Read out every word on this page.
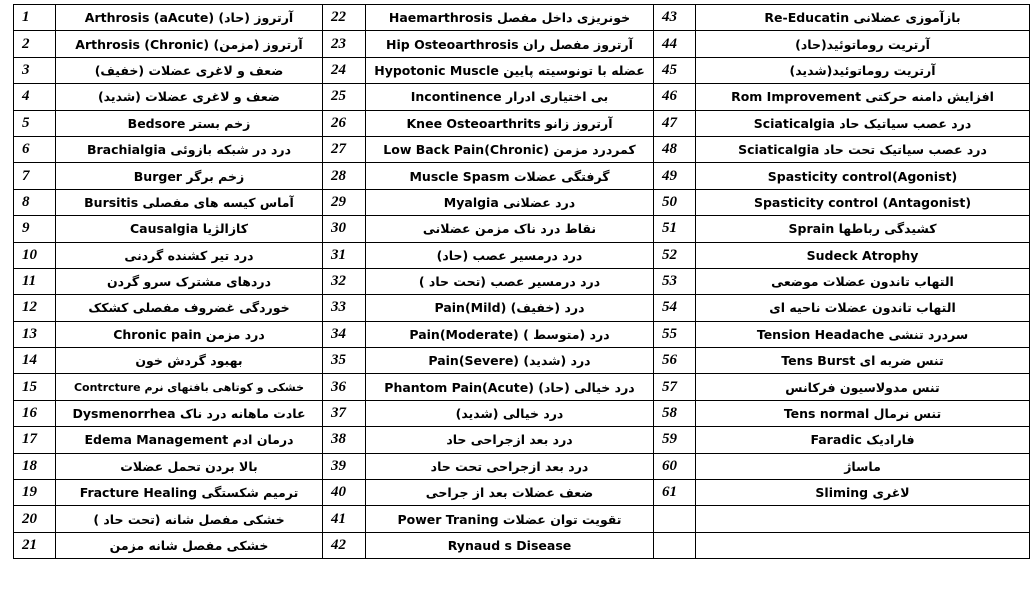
1	آرتروز (حاد) Arthrosis (aAcute)	22	خونریزی داخل مفصل Haemarthrosis	43	بازآموزی عضلانی Re-Educatin
2	آرتروز (مزمن) Arthrosis (Chronic)	23	آرتروز مفصل ران Hip Osteoarthrosis	44	آرتریت روماتوئید(حاد)
3	ضعف و لاغری عضلات (خفیف)	24	عضله با تونوسیته پایین Hypotonic Muscle	45	آرتریت روماتوئید(شدید)
4	ضعف و لاغری عضلات (شدید)	25	بی اختیاری ادرار Incontinence	46	افزایش دامنه حرکتی Rom Improvement
5	زخم بستر Bedsore	26	آرتروز زانو Knee Osteoarthrits	47	درد عصب سیاتیک حاد Sciaticalgia
6	درد در شبکه بازوئی Brachialgia	27	کمردرد مزمن Low Back Pain(Chronic)	48	درد عصب سیاتیک تحت حاد Sciaticalgia
7	زخم برگر Burger	28	گرفتگی عضلات Muscle Spasm	49	Spasticity control(Agonist)
8	آماس کیسه های مفصلی Bursitis	29	درد عضلانی Myalgia	50	Spasticity control (Antagonist)
9	کازالژیا Causalgia	30	نقاط درد ناک مزمن عضلانی	51	کشیدگی رباطها Sprain
10	درد تیر کشنده گردنی	31	درد درمسیر عصب (حاد)	52	Sudeck Atrophy
11	دردهای مشترک سرو گردن	32	درد درمسیر عصب (تحت حاد )	53	التهاب تاندون عضلات موضعی
12	خوردگی غضروف مفصلی کشکک	33	درد (خفیف) Pain(Mild)	54	التهاب تاندون عضلات ناحیه ای
13	درد مزمن Chronic pain	34	درد (متوسط ) Pain(Moderate)	55	سردرد تنشی Tension Headache
14	بهبود گردش خون	35	درد (شدید) Pain(Severe)	56	تنس ضربه ای Tens Burst
15	خشکی و کوتاهی بافتهای نرم Contrcture	36	درد خیالی (حاد) Phantom Pain(Acute)	57	تنس مدولاسیون فرکانس
16	عادت ماهانه درد ناک Dysmenorrhea	37	درد خیالی (شدید)	58	تنس نرمال Tens normal
17	درمان ادم Edema Management	38	درد بعد ازجراحی حاد	59	فارادیک Faradic
18	بالا بردن تحمل عضلات	39	درد بعد ازجراحی تحت حاد	60	ماساژ
19	ترمیم شکستگی Fracture Healing	40	ضعف عضلات بعد از جراحی	61	لاغری Sliming
20	خشکی مفصل شانه (تحت حاد )	41	تقویت توان عضلات Power Traning		
21	خشکی مفصل شانه مزمن	42	Rynaud s Disease		
